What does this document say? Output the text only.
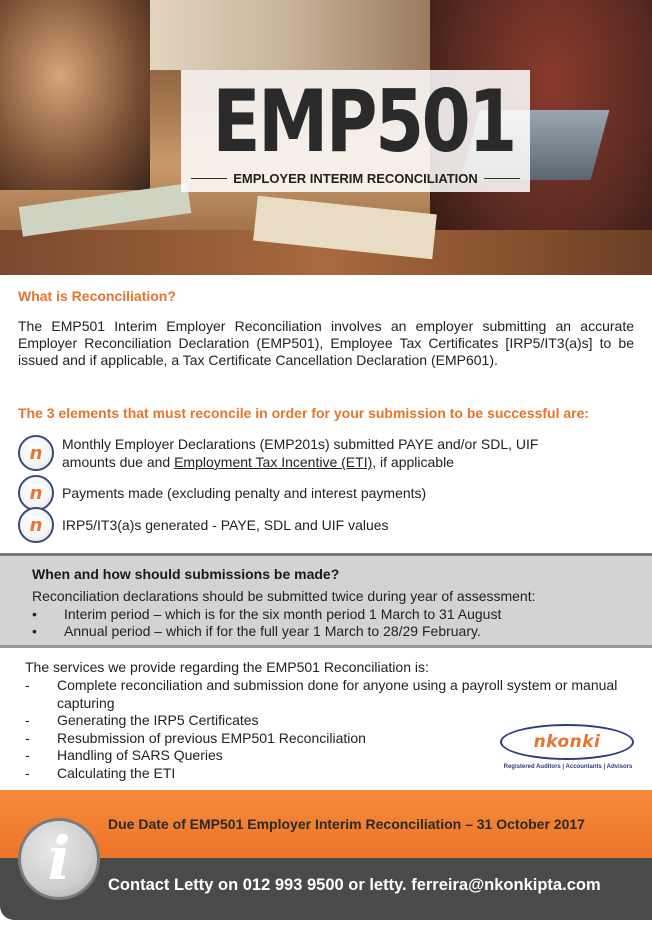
EMP501
EMPLOYER INTERIM RECONCILIATION
What is Reconciliation?
The EMP501 Interim Employer Reconciliation involves an employer submitting an accurate Employer Reconciliation Declaration (EMP501), Employee Tax Certificates [IRP5/IT3(a)s] to be issued and if applicable, a Tax Certificate Cancellation Declaration (EMP601).
The 3 elements that must reconcile in order for your submission to be successful are:
n Monthly Employer Declarations (EMP201s) submitted PAYE and/or SDL, UIF
amounts due and Employment Tax Incentive (ETI), if applicable
n Payments made (excluding penalty and interest payments)
n IRP5/IT3(a)s generated - PAYE, SDL and UIF values
When and how should submissions be made?
Reconciliation declarations should be submitted twice during year of assessment:
•	Interim period – which is for the six month period 1 March to 31 August
•	Annual period – which if for the full year 1 March to 28/29 February.
The services we provide regarding the EMP501 Reconciliation is:
-	Complete reconciliation and submission done for anyone using a payroll system or manual capturing
-	Generating the IRP5 Certificates
-	Resubmission of previous EMP501 Reconciliation
-	Handling of SARS Queries
-	Calculating the ETI
nkonki
Registered Auditors | Accountants | Advisors
Due Date of EMP501 Employer Interim Reconciliation – 31 October 2017
Contact Letty on 012 993 9500 or letty. ferreira@nkonkipta.com
i
